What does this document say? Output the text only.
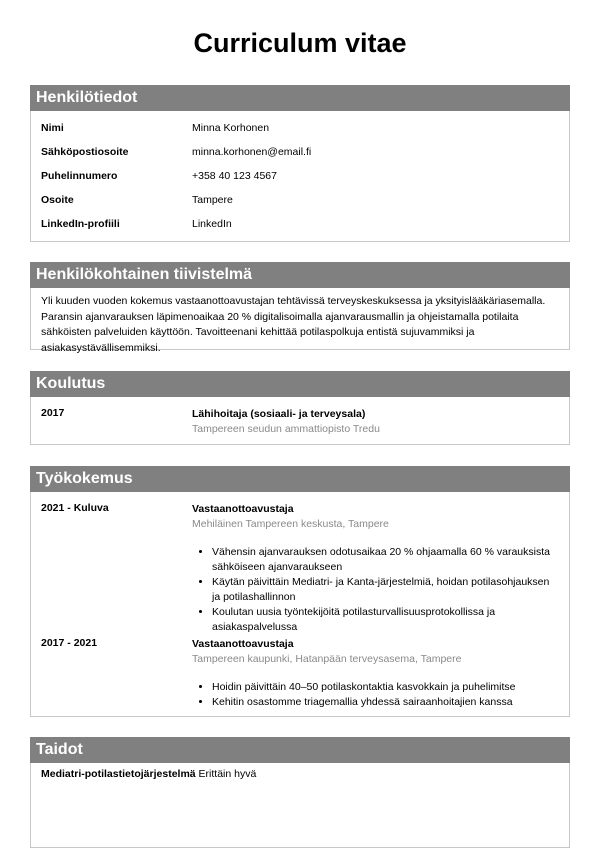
Curriculum vitae
Henkilötiedot
Nimi	Minna Korhonen
Sähköpostiosoite	minna.korhonen@email.fi
Puhelinnumero	+358 40 123 4567
Osoite	Tampere
LinkedIn-profiili	LinkedIn
Henkilökohtainen tiivistelmä
Yli kuuden vuoden kokemus vastaanottoavustajan tehtävissä terveyskeskuksessa ja yksityislääkäriasemalla. Paransin ajanvarauksen läpimenoaikaa 20 % digitalisoimalla ajanvarausmallin ja ohjeistamalla potilaita sähköisten palveluiden käyttöön. Tavoitteenani kehittää potilaspolkuja entistä sujuvammiksi ja asiakasystävällisemmiksi.
Koulutus
2017	Lähihoitaja (sosiaali- ja terveysala)
Tampereen seudun ammattiopisto Tredu
Työkokemus
2021 - Kuluva	Vastaanottoavustaja
Mehiläinen Tampereen keskusta, Tampere
• Vähensin ajanvarauksen odotusaikaa 20 % ohjaamalla 60 % varauksista sähköiseen ajanvaraukseen
• Käytän päivittäin Mediatri- ja Kanta-järjestelmiä, hoidan potilasohjauksen ja potilashallinnon
• Koulutan uusia työntekijöitä potilasturvallisuusprotokollissa ja asiakaspalvelussa
2017 - 2021	Vastaanottoavustaja
Tampereen kaupunki, Hatanpään terveysasema, Tampere
• Hoidin päivittäin 40–50 potilaskontaktia kasvokkain ja puhelimitse
• Kehitin osastomme triagemallia yhdessä sairaanhoitajien kanssa
Taidot
Mediatri-potilastietojärjestelmä Erittäin hyvä
